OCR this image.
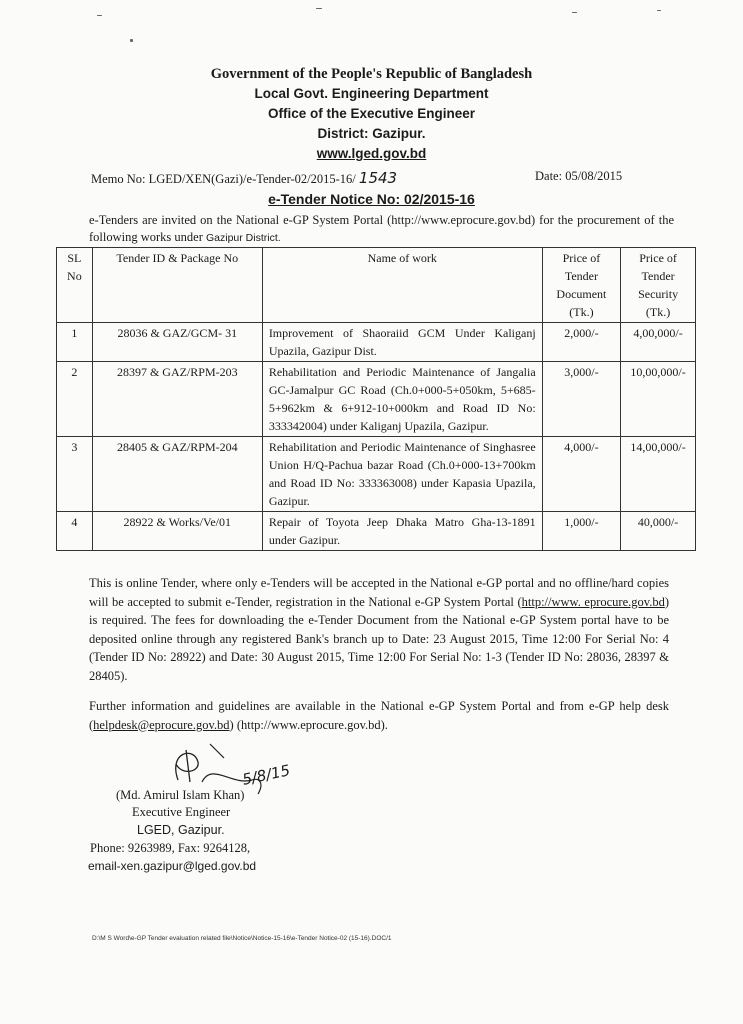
Government of the People's Republic of Bangladesh
Local Govt. Engineering Department
Office of the Executive Engineer
District: Gazipur.
www.lged.gov.bd
Memo No: LGED/XEN(Gazi)/e-Tender-02/2015-16/ 1543	Date: 05/08/2015
e-Tender Notice No: 02/2015-16
e-Tenders are invited on the National e-GP System Portal (http://www.eprocure.gov.bd) for the procurement of the following works under Gazipur District.
SL No	Tender ID & Package No	Name of work	Price of Tender Document (Tk.)	Price of Tender Security (Tk.)
1	28036 & GAZ/GCM- 31	Improvement of Shaoraiid GCM Under Kaliganj Upazila, Gazipur Dist.	2,000/-	4,00,000/-
2	28397 & GAZ/RPM-203	Rehabilitation and Periodic Maintenance of Jangalia GC-Jamalpur GC Road (Ch.0+000-5+050km, 5+685-5+962km & 6+912-10+000km and Road ID No: 333342004) under Kaliganj Upazila, Gazipur.	3,000/-	10,00,000/-
3	28405 & GAZ/RPM-204	Rehabilitation and Periodic Maintenance of Singhasree Union H/Q-Pachua bazar Road (Ch.0+000-13+700km and Road ID No: 333363008) under Kapasia Upazila, Gazipur.	4,000/-	14,00,000/-
4	28922 & Works/Ve/01	Repair of Toyota Jeep Dhaka Matro Gha-13-1891 under Gazipur.	1,000/-	40,000/-
This is online Tender, where only e-Tenders will be accepted in the National e-GP portal and no offline/hard copies will be accepted to submit e-Tender, registration in the National e-GP System Portal (http://www. eprocure.gov.bd) is required. The fees for downloading the e-Tender Document from the National e-GP System portal have to be deposited online through any registered Bank's branch up to Date: 23 August 2015, Time 12:00 For Serial No: 4 (Tender ID No: 28922) and Date: 30 August 2015, Time 12:00 For Serial No: 1-3 (Tender ID No: 28036, 28397 & 28405).
Further information and guidelines are available in the National e-GP System Portal and from e-GP help desk (helpdesk@eprocure.gov.bd) (http://www.eprocure.gov.bd).
5/8/15
(Md. Amirul Islam Khan)
Executive Engineer
LGED, Gazipur.
Phone: 9263989, Fax: 9264128,
email-xen.gazipur@lged.gov.bd
D:\M S Word\e-GP Tender evaluation related file\Notice\Notice-15-16\e-Tender Notice-02 (15-16).DOC/1
